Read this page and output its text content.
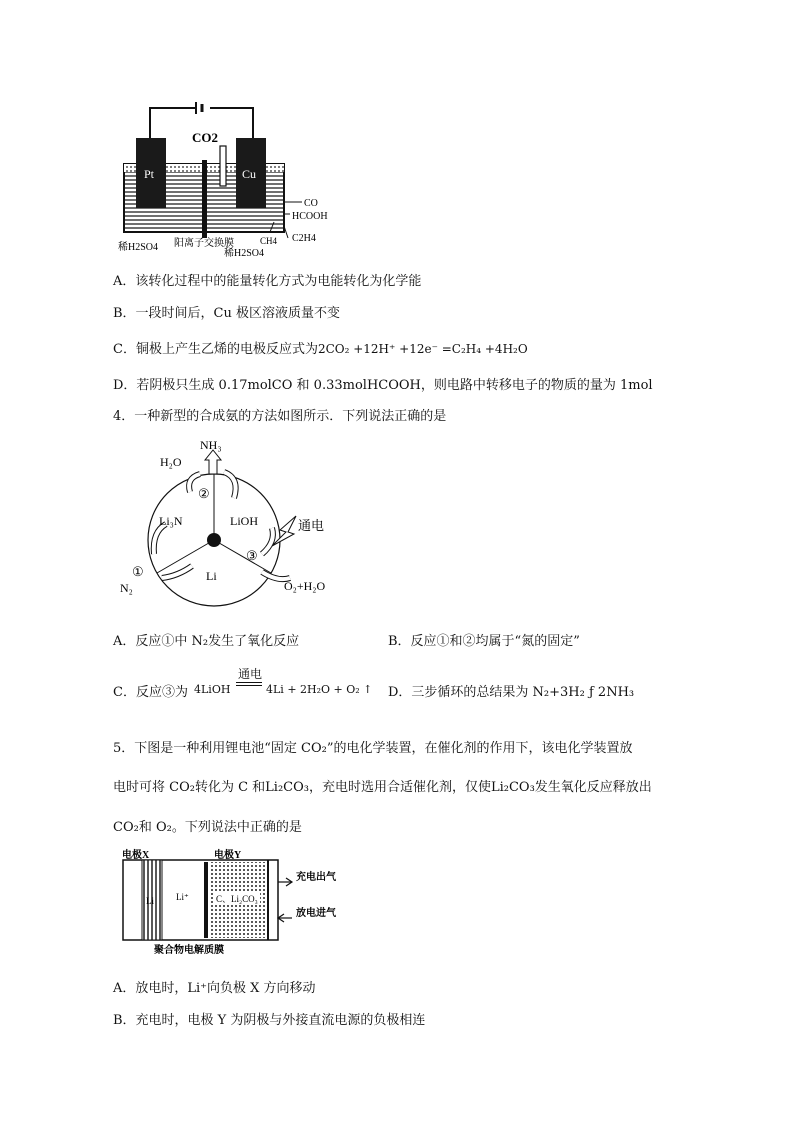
CO2
Pt	Cu
CO
HCOOH
C2H4
CH4
稀H2SO4 阳离子交换膜
稀H2SO4
A．该转化过程中的能量转化方式为电能转化为化学能
B．一段时间后，Cu 极区溶液质量不变
C．铜极上产生乙烯的电极反应式为2CO₂ +12H⁺ +12e⁻ =C₂H₄ +4H₂O
D．若阴极只生成 0.17molCO 和 0.33molHCOOH，则电路中转移电子的物质的量为 1mol
4．一种新型的合成氨的方法如图所示．下列说法正确的是
NH₃
H₂O
Li₃N	LiOH
Li
通电
N₂	O₂+H₂O
①
②
③
A．反应①中 N₂发生了氧化反应	B．反应①和②均属于“氮的固定”
C．反应③为 4LiOH
通电
4Li + 2H₂O + O₂ ↑ D．三步循环的总结果为 N₂+3H₂ ƒ 2NH₃
5．下图是一种利用锂电池“固定 CO₂”的电化学装置，在催化剂的作用下，该电化学装置放
电时可将 CO₂转化为 C 和Li₂CO₃，充电时选用合适催化剂，仅使Li₂CO₃发生氧化反应释放出
CO₂和 O₂。下列说法中正确的是
电极X	电极Y
Li Li⁺	C、Li₂CO₃
充电出气
放电进气
聚合物电解质膜
A．放电时，Li⁺向负极 X 方向移动
B．充电时，电极 Y 为阴极与外接直流电源的负极相连
